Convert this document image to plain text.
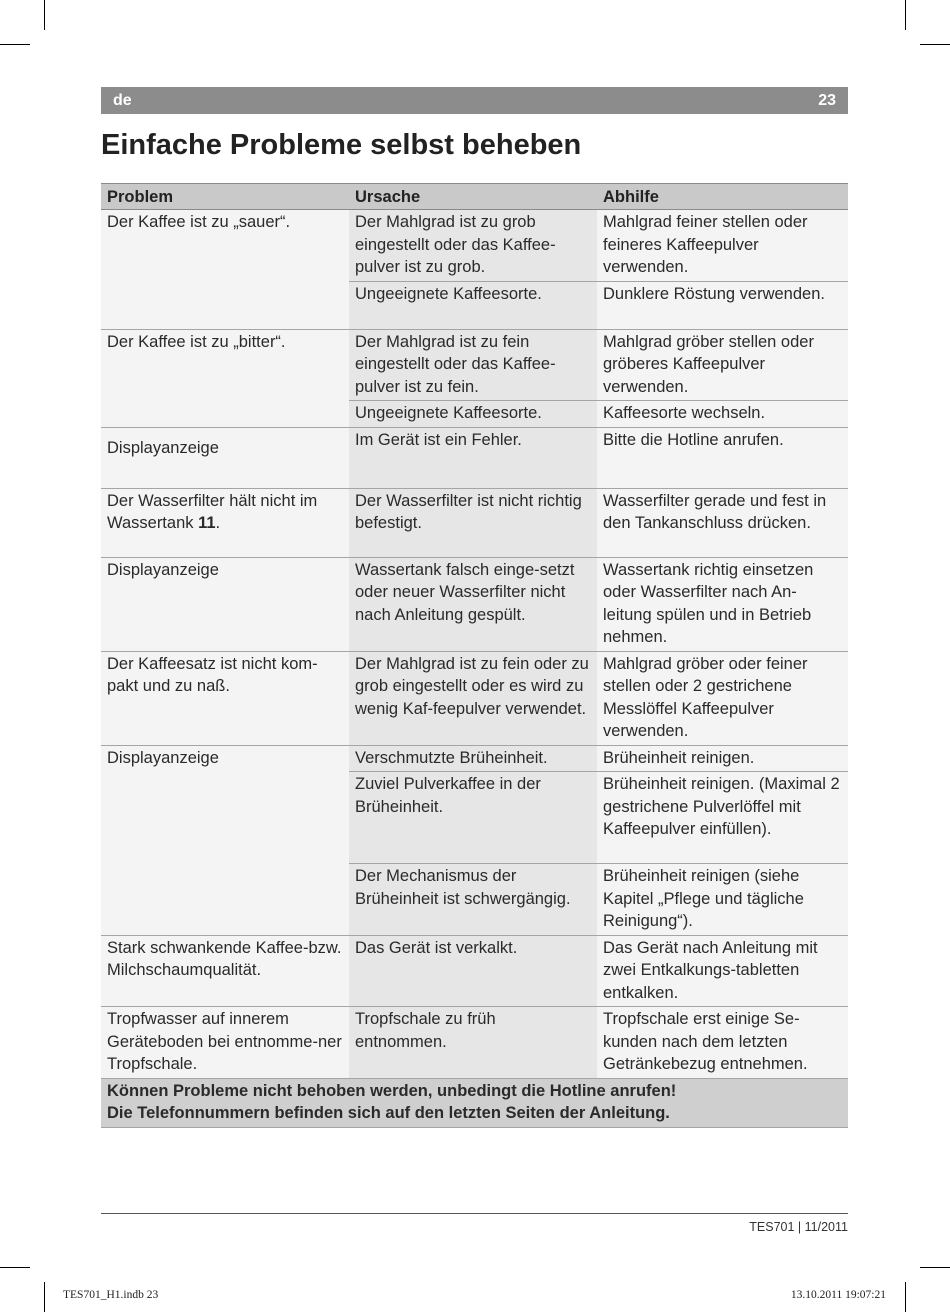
de	23
Einfache Probleme selbst beheben
Problem	Ursache	Abhilfe
Der Kaffee ist zu „sauer“.	Der Mahlgrad ist zu grob eingestellt oder das Kaffee-pulver ist zu grob.	Mahlgrad feiner stellen oder feineres Kaffeepulver verwenden.
	Ungeeignete Kaffeesorte.	Dunklere Röstung verwenden.
Der Kaffee ist zu „bitter“.	Der Mahlgrad ist zu fein eingestellt oder das Kaffee-pulver ist zu fein.	Mahlgrad gröber stellen oder gröberes Kaffeepulver verwenden.
	Ungeeignete Kaffeesorte.	Kaffeesorte wechseln.
Displayanzeige	Im Gerät ist ein Fehler.	Bitte die Hotline anrufen.
Der Wasserfilter hält nicht im Wassertank 11.	Der Wasserfilter ist nicht richtig befestigt.	Wasserfilter gerade und fest in den Tankanschluss drücken.
Displayanzeige	Wassertank falsch einge-setzt oder neuer Wasserfilter nicht nach Anleitung gespült.	Wassertank richtig einsetzen oder Wasserfilter nach An-leitung spülen und in Betrieb nehmen.
Der Kaffeesatz ist nicht kom-pakt und zu naß.	Der Mahlgrad ist zu fein oder zu grob eingestellt oder es wird zu wenig Kaf-feepulver verwendet.	Mahlgrad gröber oder feiner stellen oder 2 gestrichene Messlöffel Kaffeepulver verwenden.
Displayanzeige	Verschmutzte Brüheinheit.	Brüheinheit reinigen.
	Zuviel Pulverkaffee in der Brüheinheit.	Brüheinheit reinigen. (Maximal 2 gestrichene Pulverlöffel mit Kaffeepulver einfüllen).
	Der Mechanismus der Brüheinheit ist schwergängig.	Brüheinheit reinigen (siehe Kapitel „Pflege und tägliche Reinigung“).
Stark schwankende Kaffee-bzw. Milchschaumqualität.	Das Gerät ist verkalkt.	Das Gerät nach Anleitung mit zwei Entkalkungs-tabletten entkalken.
Tropfwasser auf innerem Geräteboden bei entnomme-ner Tropfschale.	Tropfschale zu früh entnommen.	Tropfschale erst einige Se-kunden nach dem letzten Getränkebezug entnehmen.

Können Probleme nicht behoben werden, unbedingt die Hotline anrufen!
Die Telefonnummern befinden sich auf den letzten Seiten der Anleitung.		
TES701 | 11/2011
TES701_H1.indb 23	13.10.2011 19:07:21
